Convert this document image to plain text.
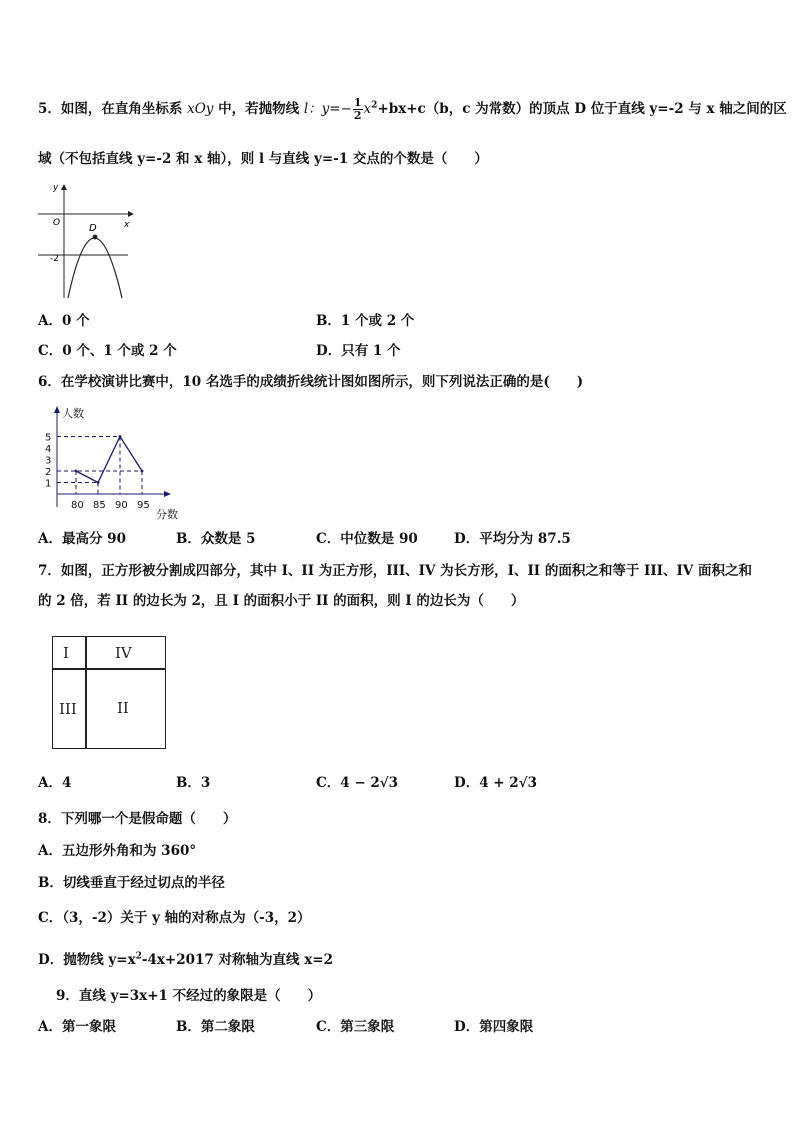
5．如图，在直角坐标系 xOy 中，若抛物线 l：$y=- \frac{1}{2} x^2+bx+c(b$，c 为常数）的顶点 D 位于直线 y=-2 与 x 轴之间的区
域（不包括直线 y=-2 和 x 轴），则 l 与直线 y=-1 交点的个数是（　　）
y
x
O	D
-2
A．0 个	B．1 个或 2 个
C．0 个、1 个或 2 个	D．只有 1 个
6．在学校演讲比赛中，10 名选手的成绩折线统计图如图所示，则下列说法正确的是(　　)
人数
分数
1
2
3
4
5
80 85 90 95
A．最高分 90	B．众数是 5	C．中位数是 90	D．平均分为 87.5
7．如图，正方形被分割成四部分，其中 I、II 为正方形，III、IV 为长方形，I、II 的面积之和等于 III、IV 面积之和
的 2 倍，若 II 的边长为 2，且 I 的面积小于 II 的面积，则 I 的边长为（　　）
I	IV
III	II
A．4	B．3	C．4 − 2√3	D．4 + 2√3
8．下列哪一个是假命题（　　）
A．五边形外角和为 360°
B．切线垂直于经过切点的半径
C．（3，-2）关于 y 轴的对称点为（-3，2）
D．抛物线 $y=x^2-4x+2017$ 对称轴为直线 x=2
9．直线 y=3x+1 不经过的象限是（　　）
A．第一象限	B．第二象限	C．第三象限	D．第四象限
